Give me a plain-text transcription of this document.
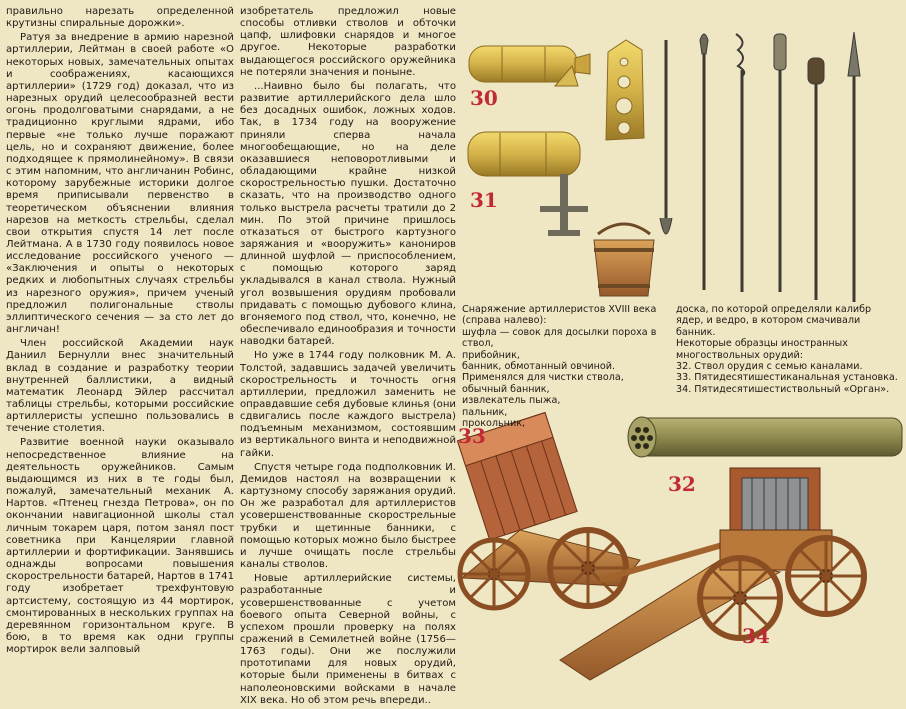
правильно нарезать определенной крутизны спиральные дорожки».

Ратуя за внедрение в армию нарезной артиллерии, Лейтман в своей работе «О некоторых новых, замечательных опытах и соображениях, касающихся артиллерии» (1729 год) доказал, что из нарезных орудий целесообразней вести огонь продолговатыми снарядами, а не традиционно круглыми ядрами, ибо первые «не только лучше поражают цель, но и сохраняют движение, более подходящее к прямолинейному». В связи с этим напомним, что англичанин Робинс, которому зарубежные историки долгое время приписывали первенство в теоретическом объяснении влияния нарезов на меткость стрельбы, сделал свои открытия спустя 14 лет после Лейтмана. А в 1730 году появилось новое исследование российского ученого — «Заключения и опыты о некоторых редких и любопытных случаях стрельбы из нарезного оружия», причем ученый предложил полигональные стволы эллиптического сечения — за сто лет до англичан!

Член российской Академии наук Даниил Бернулли внес значительный вклад в создание и разработку теории внутренней баллистики, а видный математик Леонард Эйлер рассчитал таблицы стрельбы, которыми российские артиллеристы успешно пользовались в течение столетия.

Развитие военной науки оказывало непосредственное влияние на деятельность оружейников. Самым выдающимся из них в те годы был, пожалуй, замечательный механик А. Нартов. «Птенец гнезда Петрова», он по окончании навигационной школы стал личным токарем царя, потом занял пост советника при Канцелярии главной артиллерии и фортификации. Занявшись однажды вопросами повышения скорострельности батарей, Нартов в 1741 году изобретает трехфунтовую артсистему, состоящую из 44 мортирок, смонтированных в нескольких группах на деревянном горизонтальном круге. В бою, в то время как одни группы мортирок вели залповый

изобретатель предложил новые способы отливки стволов и обточки цапф, шлифовки снарядов и многое другое. Некоторые разработки выдающегося российского оружейника не потеряли значения и поныне.

...Наивно было бы полагать, что развитие артиллерийского дела шло без досадных ошибок, ложных ходов. Так, в 1734 году на вооружение приняли сперва начала многообещающие, но на деле оказавшиеся неповоротливыми и обладающими крайне низкой скорострельностью пушки. Достаточно сказать, что на производство одного только выстрела расчеты тратили до 2 мин. По этой причине пришлось отказаться от быстрого картузного заряжания и «вооружить» канониров длинной шуфлой — приспособлением, с помощью которого заряд укладывался в канал ствола. Нужный угол возвышения орудиям пробовали придавать с помощью дубового клина, вгоняемого под ствол, что, конечно, не обеспечивало единообразия и точности наводки батарей.

Но уже в 1744 году полковник М. А. Толстой, задавшись задачей увеличить скорострельность и точность огня артиллерии, предложил заменить не оправдавшие себя дубовые клинья (они сдвигались после каждого выстрела) подъемным механизмом, состоявшим из вертикального винта и неподвижной гайки.

Спустя четыре года подполковник И. Демидов настоял на возвращении к картузному способу заряжания орудий. Он же разработал для артиллеристов усовершенствованные скорострельные трубки и щетинные банники, с помощью которых можно было быстрее и лучше очищать после стрельбы каналы стволов.

Новые артиллерийские системы, разработанные и усовершенствованные с учетом боевого опыта Северной войны, с успехом прошли проверку на полях сражений в Семилетней войне (1756—1763 годы). Они же послужили прототипами для новых орудий, которые были применены в битвах с наполеоновскими войсками в начале XIX века. Но об этом речь впереди..

30
31
32
33
34
Снаряжение артиллеристов XVIII века (справа налево):
шуфла — совок для досылки пороха в ствол,
прибойник,
банник, обмотанный овчиной. Применялся для чистки ствола,
обычный банник,
извлекатель пыжа,
пальник,
прокольник,
доска, по которой определяли калибр ядер, и ведро, в котором смачивали банник.
Некоторые образцы иностранных многоствольных орудий:
32. Ствол орудия с семью каналами.
33. Пятидесятишестиканальная установка.
34. Пятидесятишестиствольный «Орган».
